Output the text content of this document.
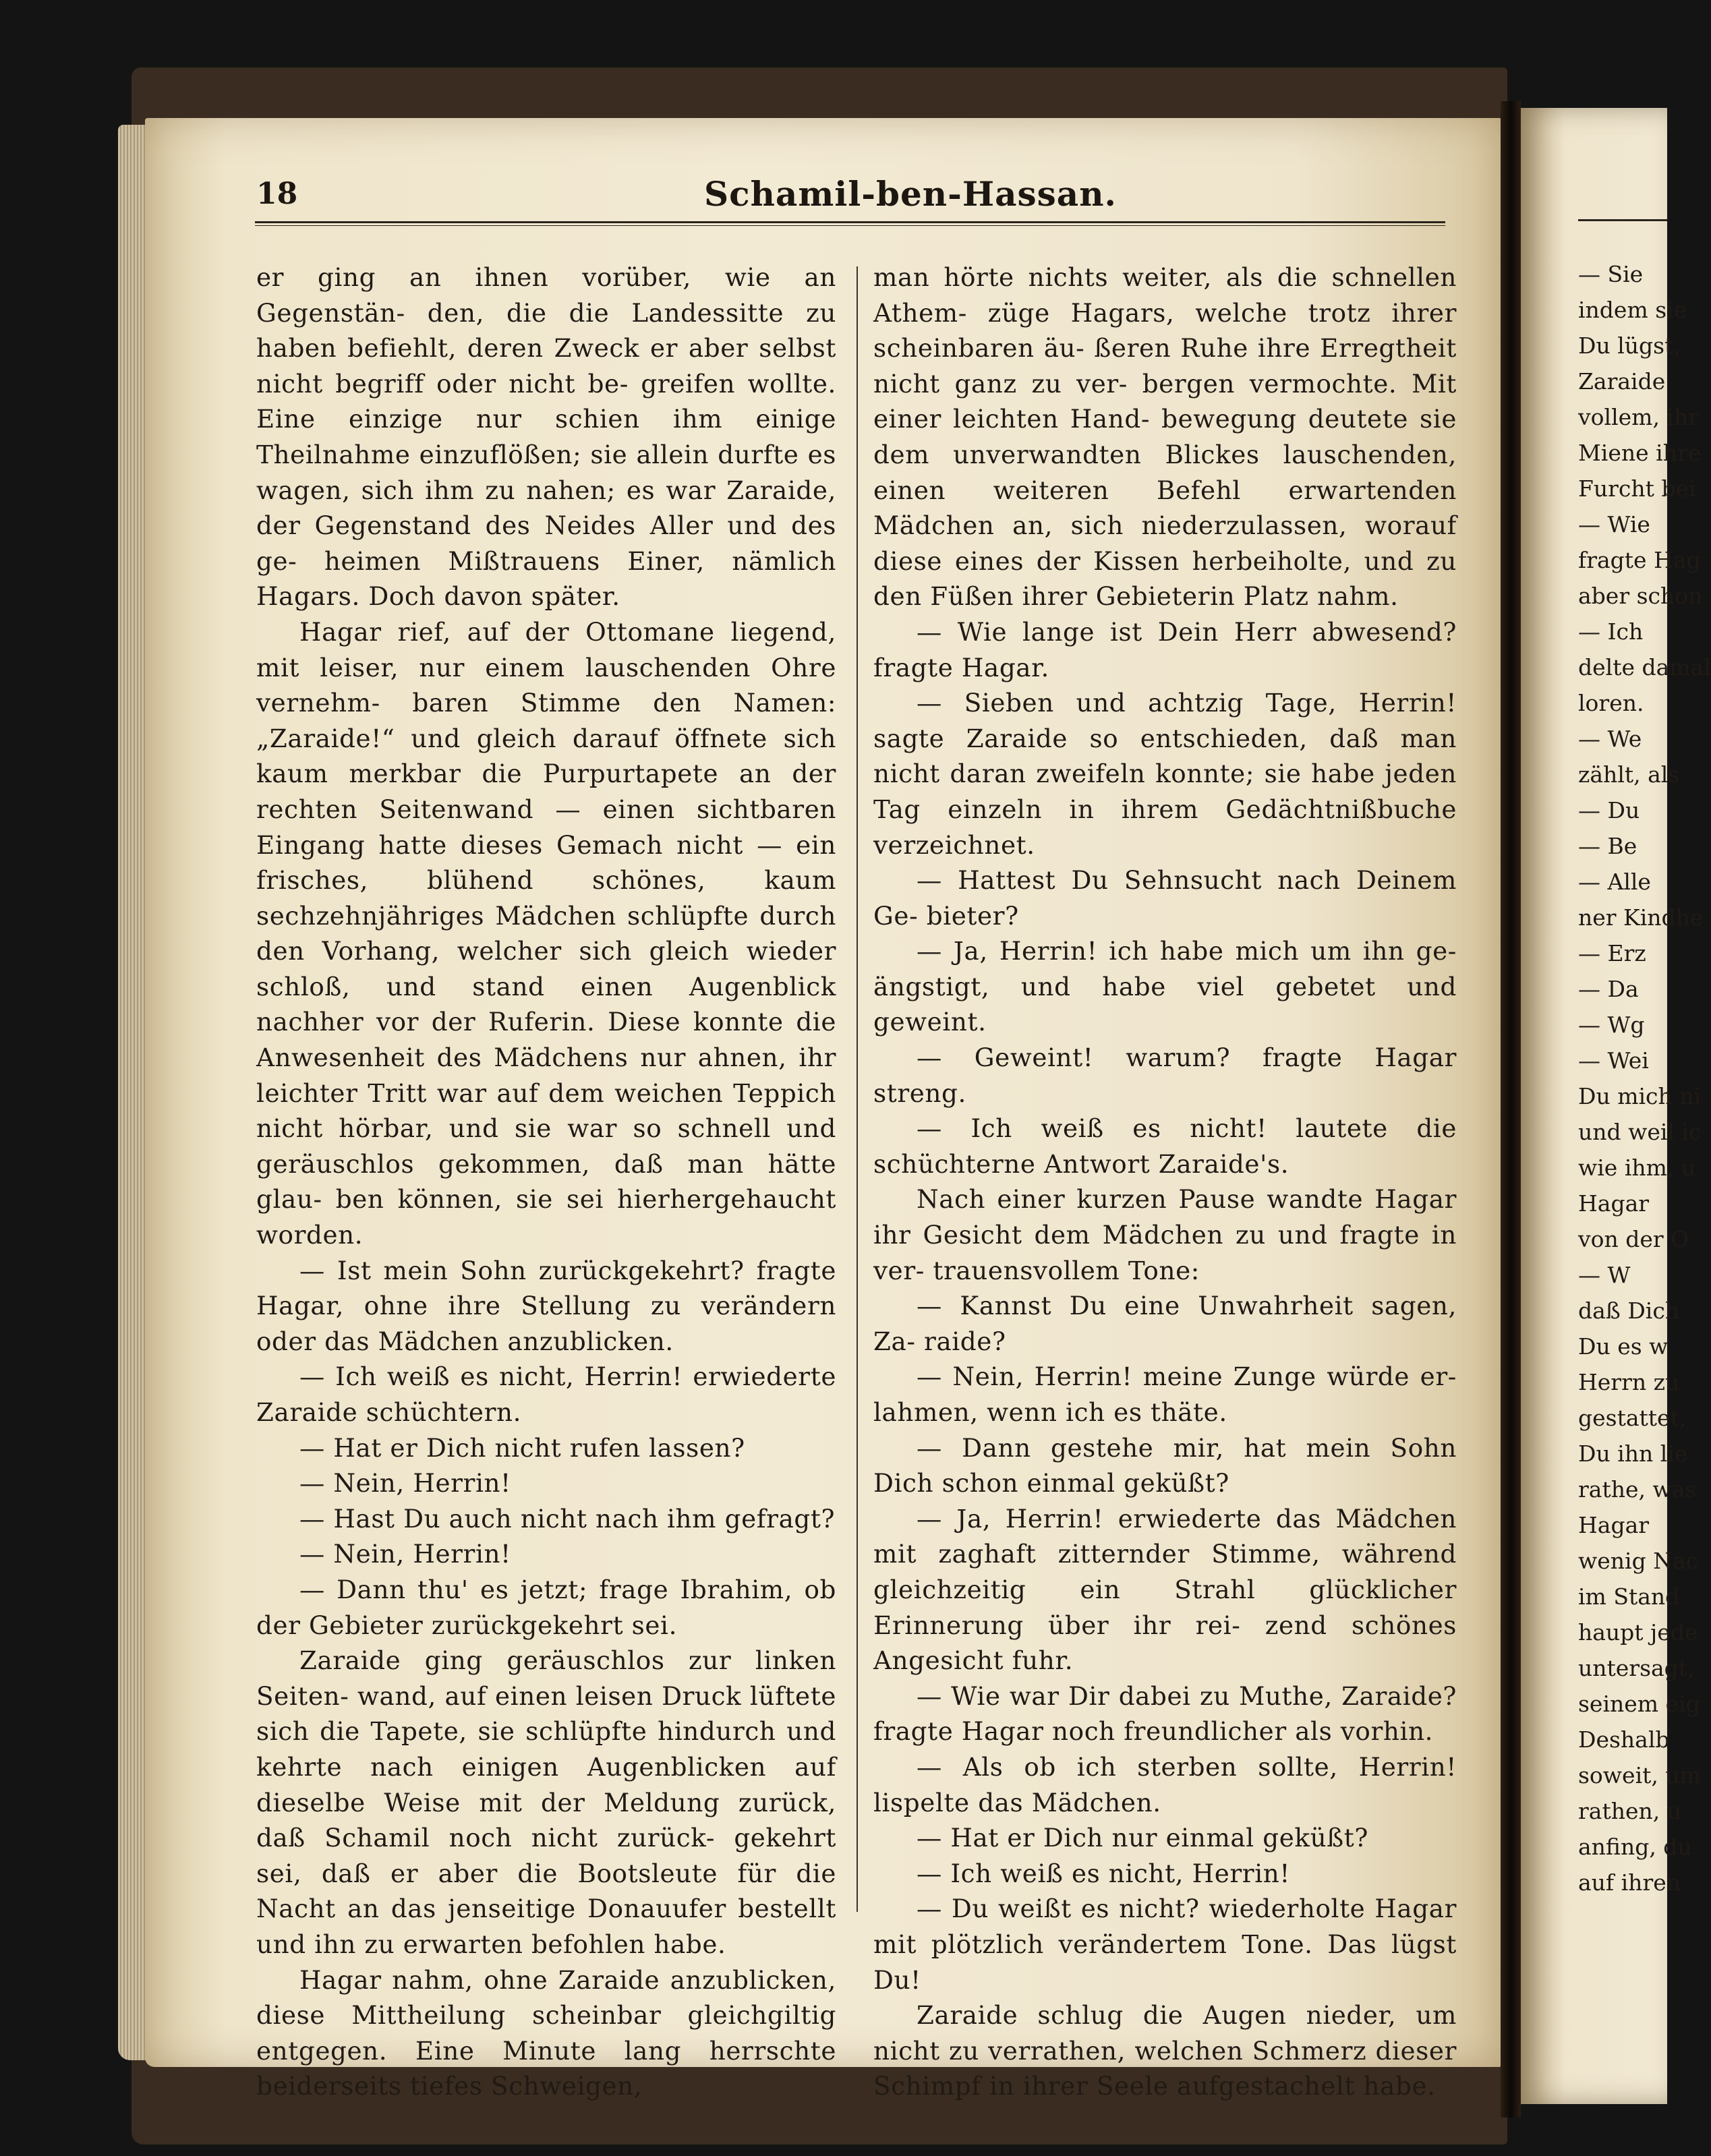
18	Schamil-ben-Hassan.

er ging an ihnen vorüber, wie an Gegenstän- den, die die Landessitte zu haben befiehlt, deren Zweck er aber selbst nicht begriff oder nicht be- greifen wollte. Eine einzige nur schien ihm einige Theilnahme einzuflößen; sie allein durfte es wagen, sich ihm zu nahen; es war Zaraide, der Gegenstand des Neides Aller und des ge- heimen Mißtrauens Einer, nämlich Hagars. Doch davon später.

Hagar rief, auf der Ottomane liegend, mit leiser, nur einem lauschenden Ohre vernehm- baren Stimme den Namen: „Zaraide!“ und gleich darauf öffnete sich kaum merkbar die Purpurtapete an der rechten Seitenwand — einen sichtbaren Eingang hatte dieses Gemach nicht — ein frisches, blühend schönes, kaum sechzehnjähriges Mädchen schlüpfte durch den Vorhang, welcher sich gleich wieder schloß, und stand einen Augenblick nachher vor der Ruferin. Diese konnte die Anwesenheit des Mädchens nur ahnen, ihr leichter Tritt war auf dem weichen Teppich nicht hörbar, und sie war so schnell und geräuschlos gekommen, daß man hätte glau- ben können, sie sei hierhergehaucht worden.

— Ist mein Sohn zurückgekehrt? fragte Hagar, ohne ihre Stellung zu verändern oder das Mädchen anzublicken.

— Ich weiß es nicht, Herrin! erwiederte Zaraide schüchtern.

— Hat er Dich nicht rufen lassen?

— Nein, Herrin!

— Hast Du auch nicht nach ihm gefragt?

— Nein, Herrin!

— Dann thu' es jetzt; frage Ibrahim, ob der Gebieter zurückgekehrt sei.

Zaraide ging geräuschlos zur linken Seiten- wand, auf einen leisen Druck lüftete sich die Tapete, sie schlüpfte hindurch und kehrte nach einigen Augenblicken auf dieselbe Weise mit der Meldung zurück, daß Schamil noch nicht zurück- gekehrt sei, daß er aber die Bootsleute für die Nacht an das jenseitige Donauufer bestellt und ihn zu erwarten befohlen habe.

Hagar nahm, ohne Zaraide anzublicken, diese Mittheilung scheinbar gleichgiltig entgegen. Eine Minute lang herrschte beiderseits tiefes Schweigen,

man hörte nichts weiter, als die schnellen Athem- züge Hagars, welche trotz ihrer scheinbaren äu- ßeren Ruhe ihre Erregtheit nicht ganz zu ver- bergen vermochte. Mit einer leichten Hand- bewegung deutete sie dem unverwandten Blickes lauschenden, einen weiteren Befehl erwartenden Mädchen an, sich niederzulassen, worauf diese eines der Kissen herbeiholte, und zu den Füßen ihrer Gebieterin Platz nahm.

— Wie lange ist Dein Herr abwesend? fragte Hagar.

— Sieben und achtzig Tage, Herrin! sagte Zaraide so entschieden, daß man nicht daran zweifeln konnte; sie habe jeden Tag einzeln in ihrem Gedächtnißbuche verzeichnet.

— Hattest Du Sehnsucht nach Deinem Ge- bieter?

— Ja, Herrin! ich habe mich um ihn ge- ängstigt, und habe viel gebetet und geweint.

— Geweint! warum? fragte Hagar streng.

— Ich weiß es nicht! lautete die schüchterne Antwort Zaraide's.

Nach einer kurzen Pause wandte Hagar ihr Gesicht dem Mädchen zu und fragte in ver- trauensvollem Tone:

— Kannst Du eine Unwahrheit sagen, Za- raide?

— Nein, Herrin! meine Zunge würde er- lahmen, wenn ich es thäte.

— Dann gestehe mir, hat mein Sohn Dich schon einmal geküßt?

— Ja, Herrin! erwiederte das Mädchen mit zaghaft zitternder Stimme, während gleichzeitig ein Strahl glücklicher Erinnerung über ihr rei- zend schönes Angesicht fuhr.

— Wie war Dir dabei zu Muthe, Zaraide? fragte Hagar noch freundlicher als vorhin.

— Als ob ich sterben sollte, Herrin! lispelte das Mädchen.

— Hat er Dich nur einmal geküßt?

— Ich weiß es nicht, Herrin!

— Du weißt es nicht? wiederholte Hagar mit plötzlich verändertem Tone. Das lügst Du!

Zaraide schlug die Augen nieder, um nicht zu verrathen, welchen Schmerz dieser Schimpf in ihrer Seele aufgestachelt habe.

— Sie
indem sie
Du lügst,
Zaraide
vollem, ihr
Miene ihre
Furcht bei
— Wie
fragte Hag
aber schon
— Ich
delte damal
loren.
— We
zählt, als
— Du
— Be
— Alle
ner Kindhe
— Erz
— Da
— Wg
— Wei
Du mich ni
und weil ic
wie ihm, u
Hagar
von der O
— W
daß Dich
Du es w
Herrn zu
gestattet,
Du ihn lie
rathe, was
Hagar
wenig Nac
im Stand
haupt jede
untersagt,
seinem eig
Deshalb
soweit, um
rathen, u
anfing, du
auf ihren
